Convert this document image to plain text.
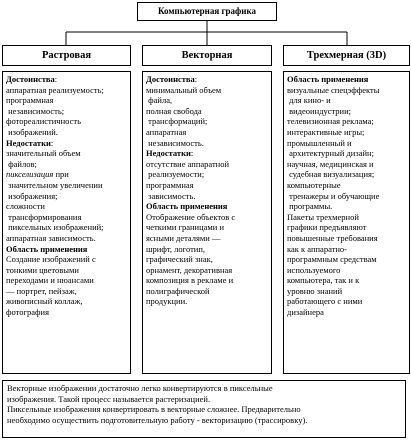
Компьютерная графика
Растровая	Векторная	Трехмерная (3D)

Достоинства:
аппаратная реализуемость;
программная
независимость;
фотореалистичность
изображений.

Недостатки:
значительный объем
файлов;

пикселизация при
значительном увеличении
изображения;
сложности
трансформирования
пиксельных изображений;
аппаратная зависимость.

Область применения
Создание изображений с
тонкими цветовыми
переходами и нюансами
— портрет, пейзаж,
живописный коллаж,
фотография

Достоинства:
минимальный объем
файла,
полная свобода
трансформаций;
аппаратная
независимость.

Недостатки:
отсутствие аппаратной
реализуемости;
программная
зависимость.

Область применения
Отображение объектов с
четкими границами и
ясными деталями —
шрифт, логотип,
графический знак,
орнамент, декоративная
композиция в рекламе и
полиграфической
продукции.

Область применения
визуальные спецэффекты
для кино- и
видеоиндустрии;
телевизионная реклама;
интерактивные игры;
промышленный и
архитектурный дизайн;
научная, медицинская и
судебная визуализация;
компьютерные
тренажеры и обучающие
программы.
Пакеты трехмерной
графики предъявляют
повышенные требования
как к аппаратно-
программным средствам
используемого
компьютера, так и к
уровню знаний
работающего с ними
дизайнера

Векторные изображении достаточно легко конвертируются в пиксельные
изображения. Такой процесс называется растеризацией.
Пиксельные изображения конвертировать в векторные сложнее. Предварительно
необходимо осуществить подготовительную работу - векторизацию (трассировку).
